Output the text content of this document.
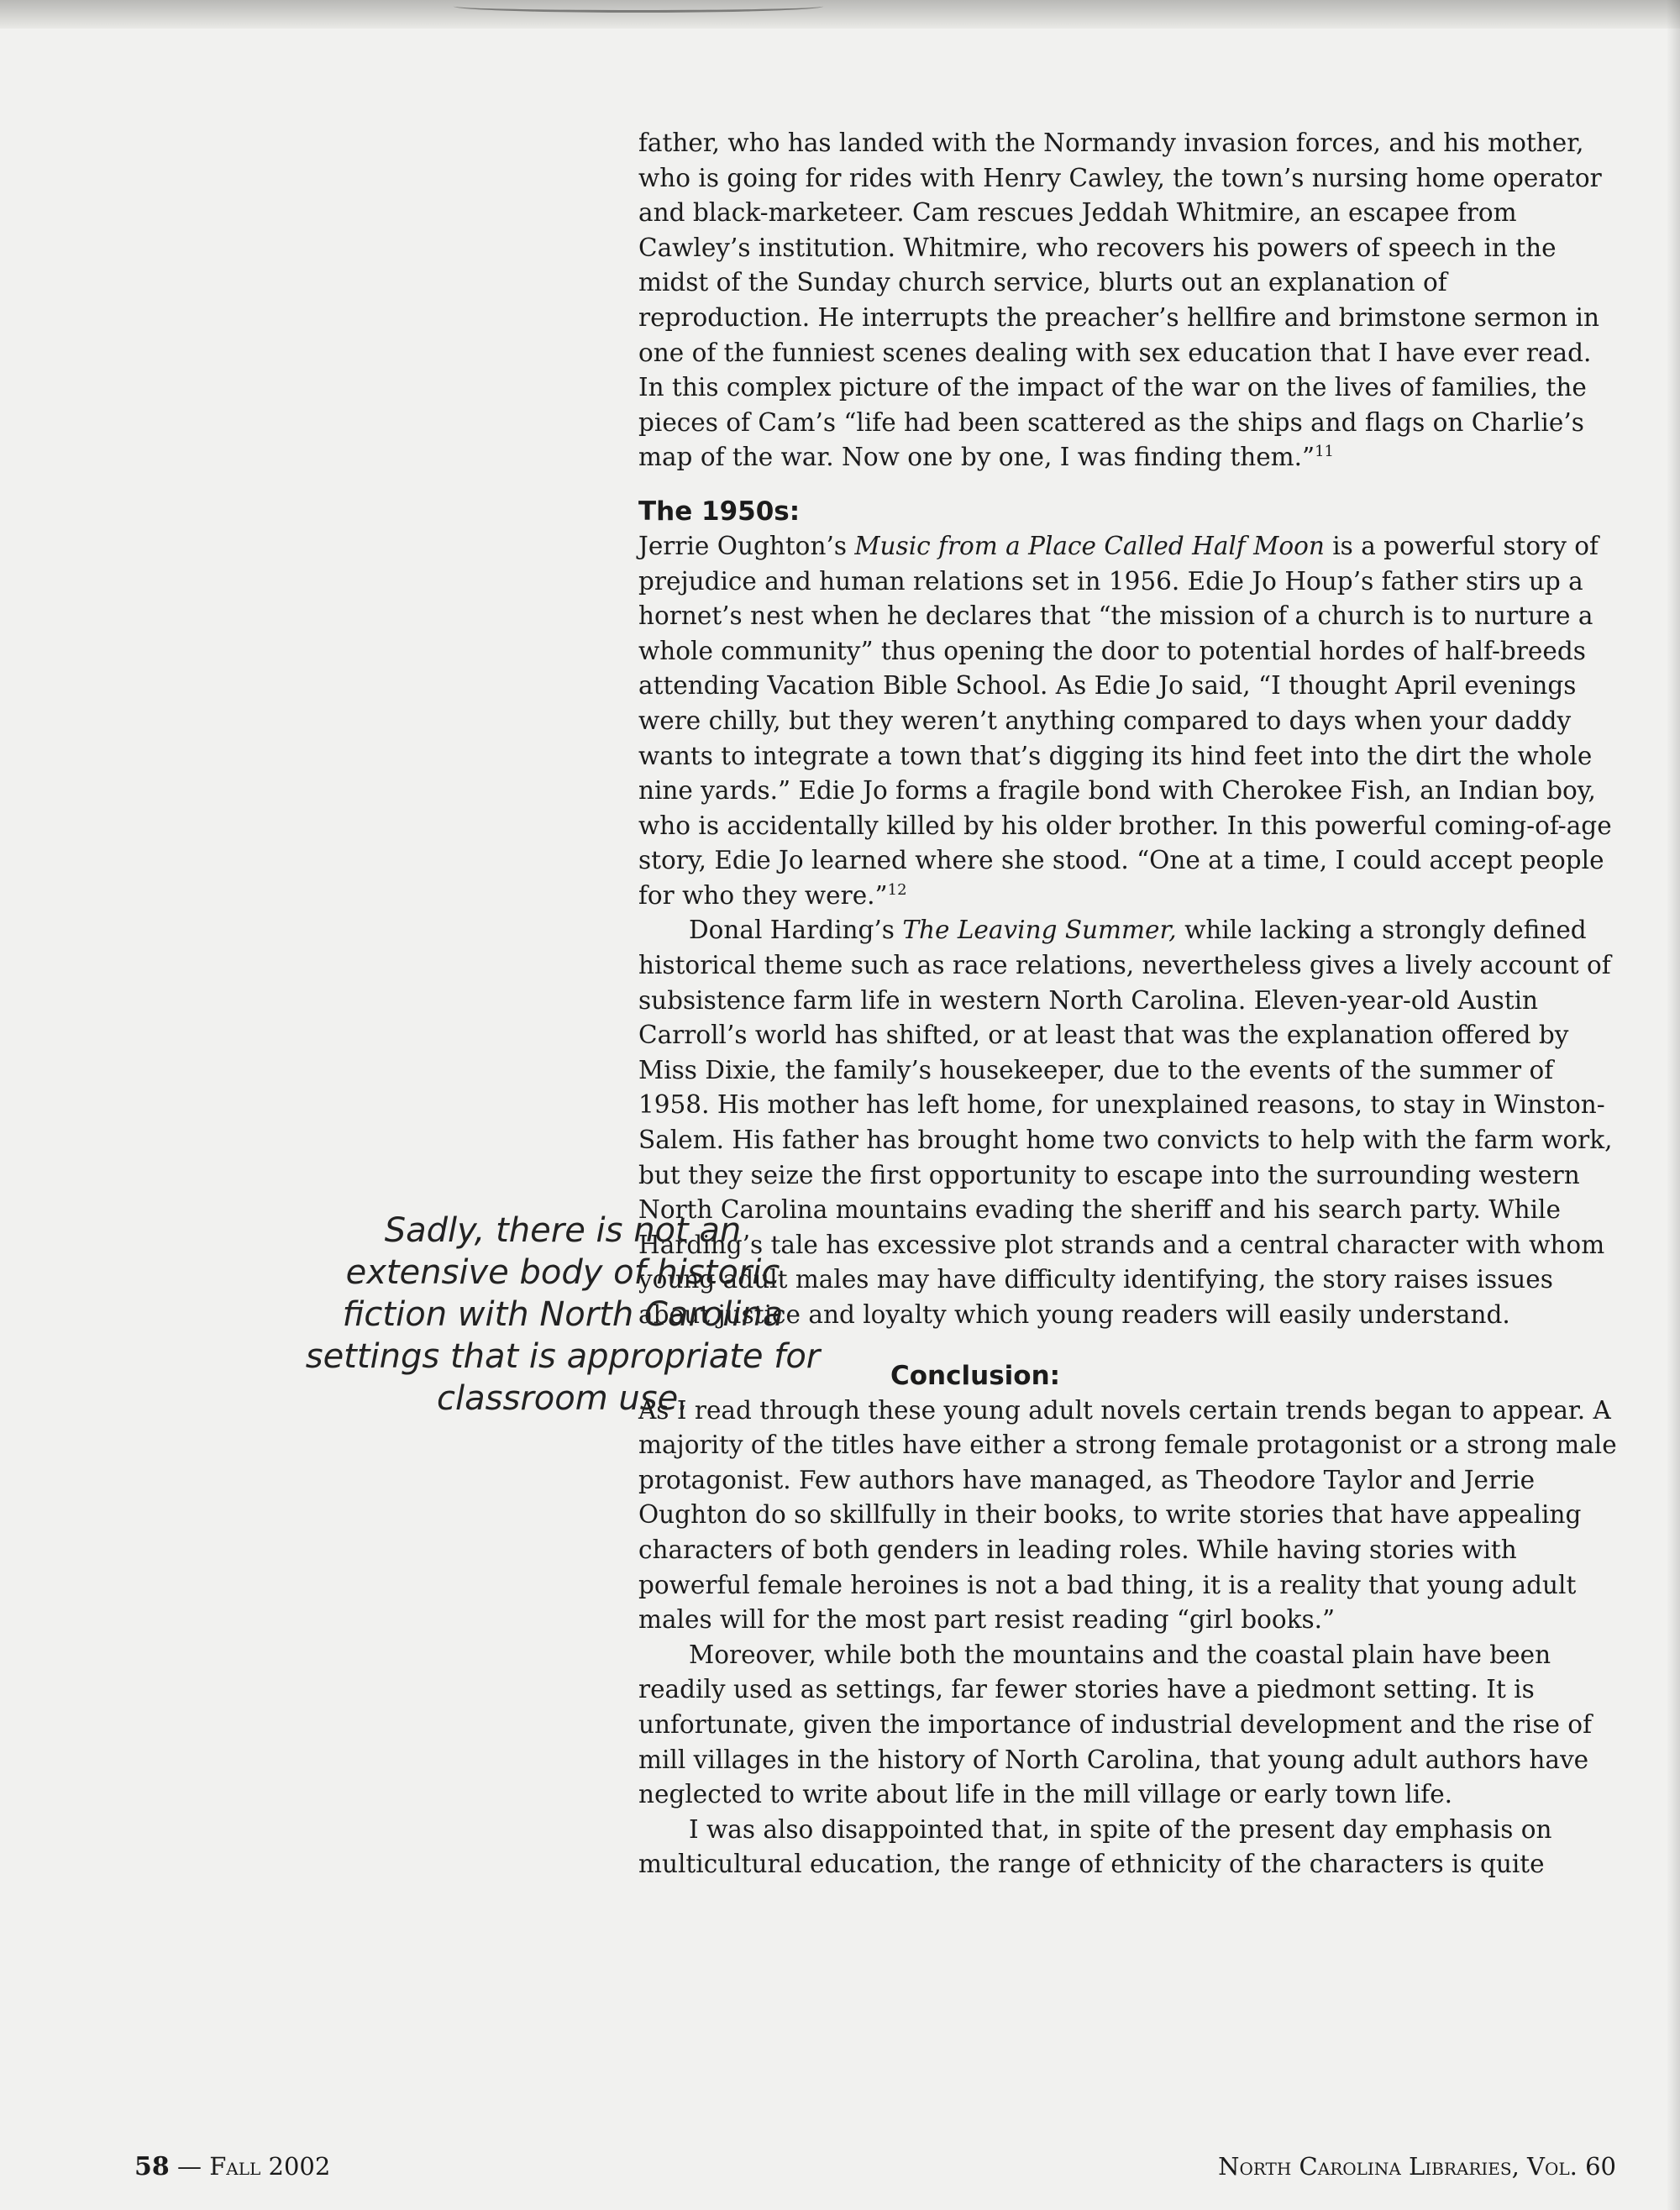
father, who has landed with the Normandy invasion forces, and his mother, who is going for rides with Henry Cawley, the town’s nursing home operator and black-marketeer. Cam rescues Jeddah Whitmire, an escapee from Cawley’s institution. Whitmire, who recovers his powers of speech in the midst of the Sunday church service, blurts out an explanation of reproduction. He interrupts the preacher’s hellfire and brimstone sermon in one of the funniest scenes dealing with sex education that I have ever read. In this complex picture of the impact of the war on the lives of families, the pieces of Cam’s “life had been scattered as the ships and flags on Charlie’s map of the war. Now one by one, I was finding them.”$^{11}$

The 1950s:

Jerrie Oughton’s Music from a Place Called Half Moon is a powerful story of prejudice and human relations set in 1956. Edie Jo Houp’s father stirs up a hornet’s nest when he declares that “the mission of a church is to nurture a whole community” thus opening the door to potential hordes of half-breeds attending Vacation Bible School. As Edie Jo said, “I thought April evenings were chilly, but they weren’t anything compared to days when your daddy wants to integrate a town that’s digging its hind feet into the dirt the whole nine yards.” Edie Jo forms a fragile bond with Cherokee Fish, an Indian boy, who is accidentally killed by his older brother. In this powerful coming-of-age story, Edie Jo learned where she stood. “One at a time, I could accept people for who they were.”$^{12}$

Donal Harding’s The Leaving Summer, while lacking a strongly defined historical theme such as race relations, nevertheless gives a lively account of subsistence farm life in western North Carolina. Eleven-year-old Austin

Carroll’s world has shifted, or at least that was the explanation offered by Miss Dixie, the family’s housekeeper, due to the events of the summer of 1958. His mother has left home, for unexplained reasons, to stay in Winston-Salem. His father has brought home two convicts to help with the farm work, but they seize the first opportunity to escape into the surrounding western North Carolina mountains evading the sheriff and his search party. While Harding’s tale has excessive plot strands and a central character with whom young adult males may have difficulty identifying, the story raises issues about justice and loyalty which young readers will easily understand.

Conclusion:

As I read through these young adult novels certain trends began to appear. A majority of the titles have either a strong female protagonist or a strong male

protagonist. Few authors have managed, as Theodore Taylor and Jerrie Oughton do so skillfully in their books, to write stories that have appealing characters of both genders in leading roles. While having stories with powerful female heroines is not a bad thing, it is a reality that young adult males will for the most part resist reading “girl books.”

Moreover, while both the mountains and the coastal plain have been readily used as settings, far fewer stories have a piedmont setting. It is unfortunate, given the importance of industrial development and the rise of mill villages in the history of North Carolina, that young adult authors have neglected to write about life in the mill village or early town life.

I was also disappointed that, in spite of the present day emphasis on multicultural education, the range of ethnicity of the characters is quite

Sadly, there is not an extensive body of historic fiction with North Carolina settings that is appropriate for classroom use.
58 — Fall 2002	North Carolina Libraries, Vol. 60
